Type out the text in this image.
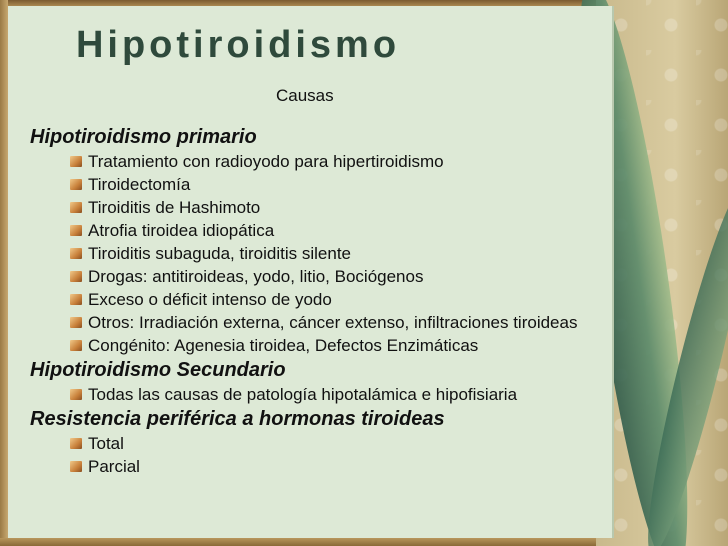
Hipotiroidismo
Causas
Hipotiroidismo primario
Tratamiento con radioyodo para hipertiroidismo
Tiroidectomía
Tiroiditis de Hashimoto
Atrofia tiroidea idiopática
Tiroiditis subaguda, tiroiditis silente
Drogas: antitiroideas, yodo, litio, Bociógenos
Exceso o déficit intenso de yodo
Otros: Irradiación externa, cáncer extenso, infiltraciones tiroideas
Congénito: Agenesia tiroidea, Defectos Enzimáticas
Hipotiroidismo Secundario
Todas las causas de patología hipotalámica e hipofisiaria
Resistencia periférica a hormonas tiroideas
Total
Parcial
